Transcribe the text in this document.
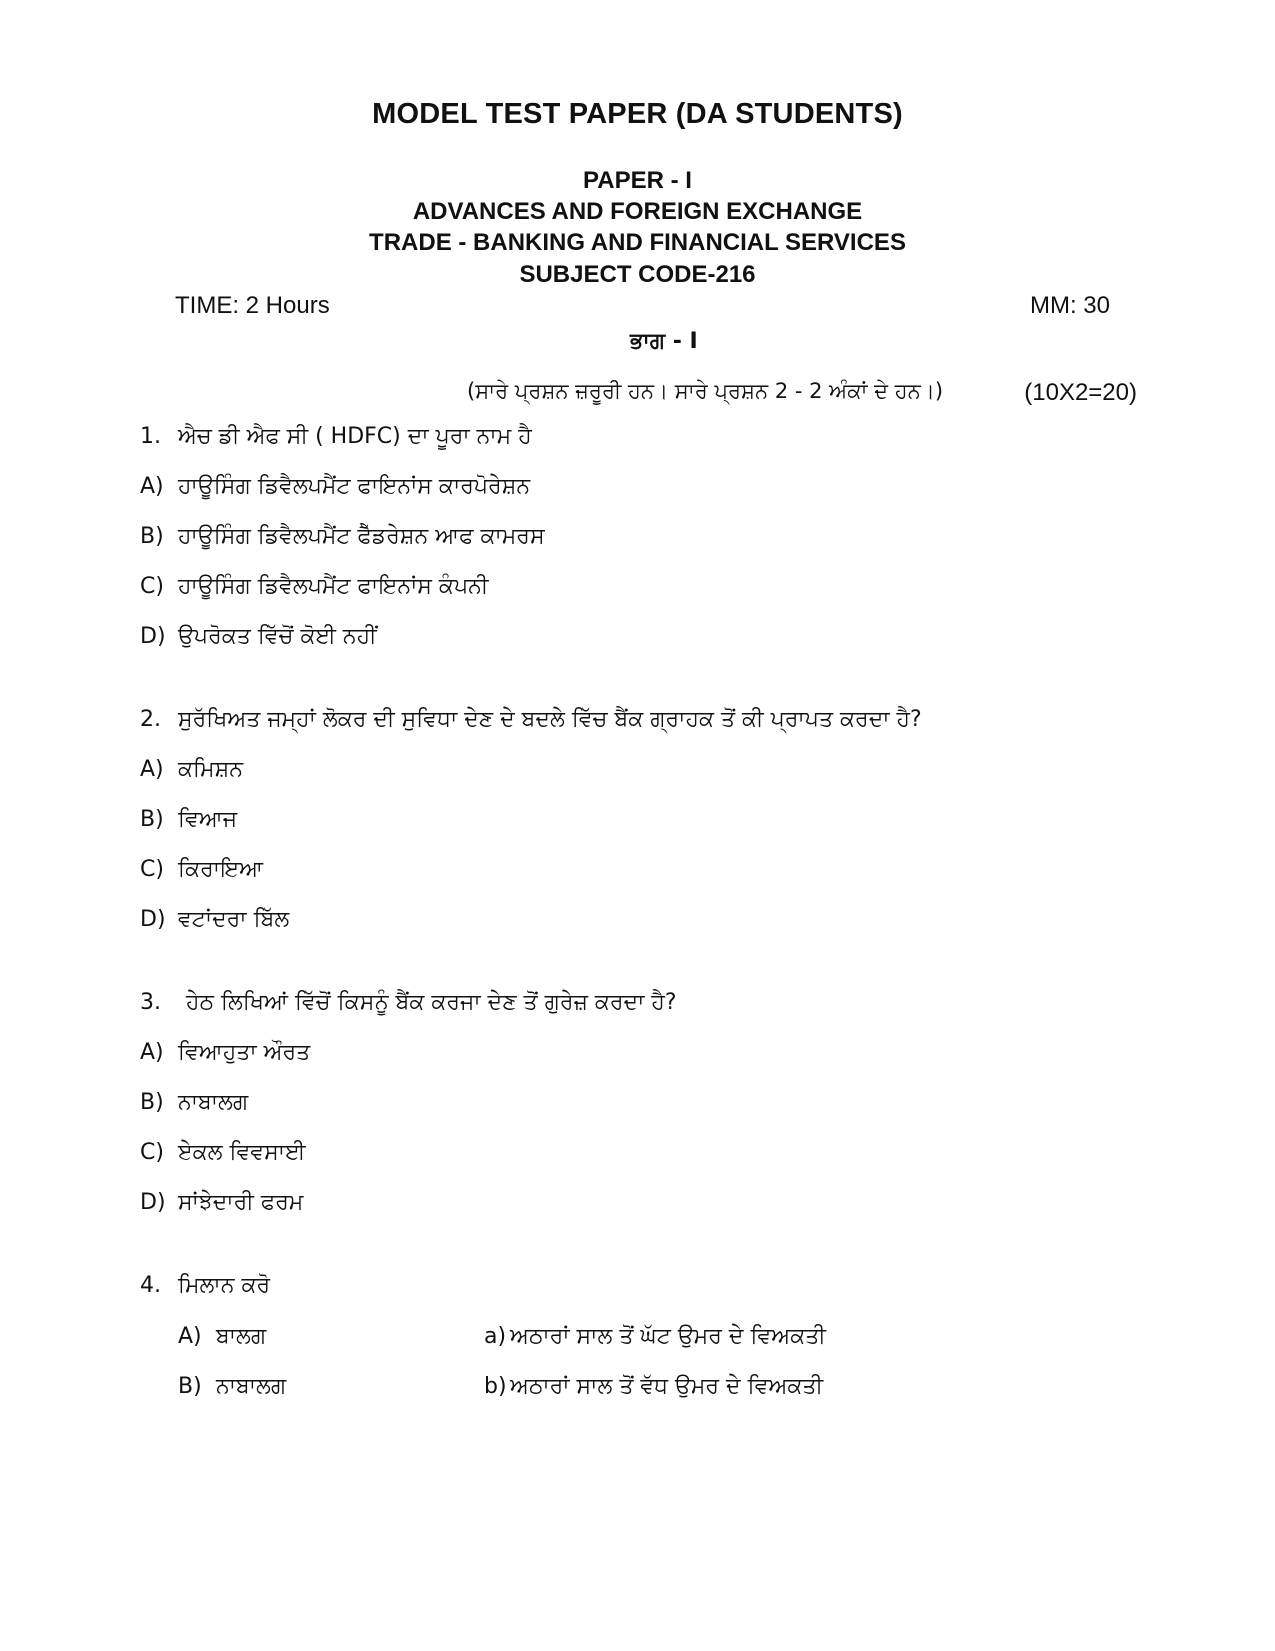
MODEL TEST PAPER (DA STUDENTS)
PAPER - I
ADVANCES AND FOREIGN EXCHANGE
TRADE - BANKING AND FINANCIAL SERVICES
SUBJECT CODE-216
TIME: 2 Hours	MM: 30
ਭਾਗ - I
(ਸਾਰੇ ਪ੍ਰਸ਼ਨ ਜ਼ਰੂਰੀ ਹਨ। ਸਾਰੇ ਪ੍ਰਸ਼ਨ 2 - 2 ਅੰਕਾਂ ਦੇ ਹਨ।)	(10X2=20)
1. ਐਚ ਡੀ ਐਫ ਸੀ ( HDFC) ਦਾ ਪੂਰਾ ਨਾਮ ਹੈ
A) ਹਾਊਸਿੰਗ ਡਿਵੈਲਪਮੈਂਟ ਫਾਇਨਾਂਸ ਕਾਰਪੋਰੇਸ਼ਨ
B) ਹਾਊਸਿੰਗ ਡਿਵੈਲਪਮੈਂਟ ਫੈੱਡਰੇਸ਼ਨ ਆਫ ਕਾਮਰਸ
C) ਹਾਊਸਿੰਗ ਡਿਵੈਲਪਮੈਂਟ ਫਾਇਨਾਂਸ ਕੰਪਨੀ
D) ਉਪਰੋਕਤ ਵਿੱਚੋਂ ਕੋਈ ਨਹੀਂ
2. ਸੁਰੱਖਿਅਤ ਜਮ੍ਹਾਂ ਲੋਕਰ ਦੀ ਸੁਵਿਧਾ ਦੇਣ ਦੇ ਬਦਲੇ ਵਿੱਚ ਬੈਂਕ ਗ੍ਰਾਹਕ ਤੋਂ ਕੀ ਪ੍ਰਾਪਤ ਕਰਦਾ ਹੈ?
A) ਕਮਿਸ਼ਨ
B) ਵਿਆਜ
C) ਕਿਰਾਇਆ
D) ਵਟਾਂਦਰਾ ਬਿੱਲ
3. ਹੇਠ ਲਿਖਿਆਂ ਵਿੱਚੋਂ ਕਿਸਨੂੰ ਬੈਂਕ ਕਰਜਾ ਦੇਣ ਤੋਂ ਗੁਰੇਜ਼ ਕਰਦਾ ਹੈ?
A) ਵਿਆਹੁਤਾ ਔਰਤ
B) ਨਾਬਾਲਗ
C) ਏਕਲ ਵਿਵਸਾਈ
D) ਸਾਂਝੇਦਾਰੀ ਫਰਮ
4. ਮਿਲਾਨ ਕਰੋ
A) ਬਾਲਗ	a) ਅਠਾਰਾਂ ਸਾਲ ਤੋਂ ਘੱਟ ਉਮਰ ਦੇ ਵਿਅਕਤੀ
B) ਨਾਬਾਲਗ	b) ਅਠਾਰਾਂ ਸਾਲ ਤੋਂ ਵੱਧ ਉਮਰ ਦੇ ਵਿਅਕਤੀ
